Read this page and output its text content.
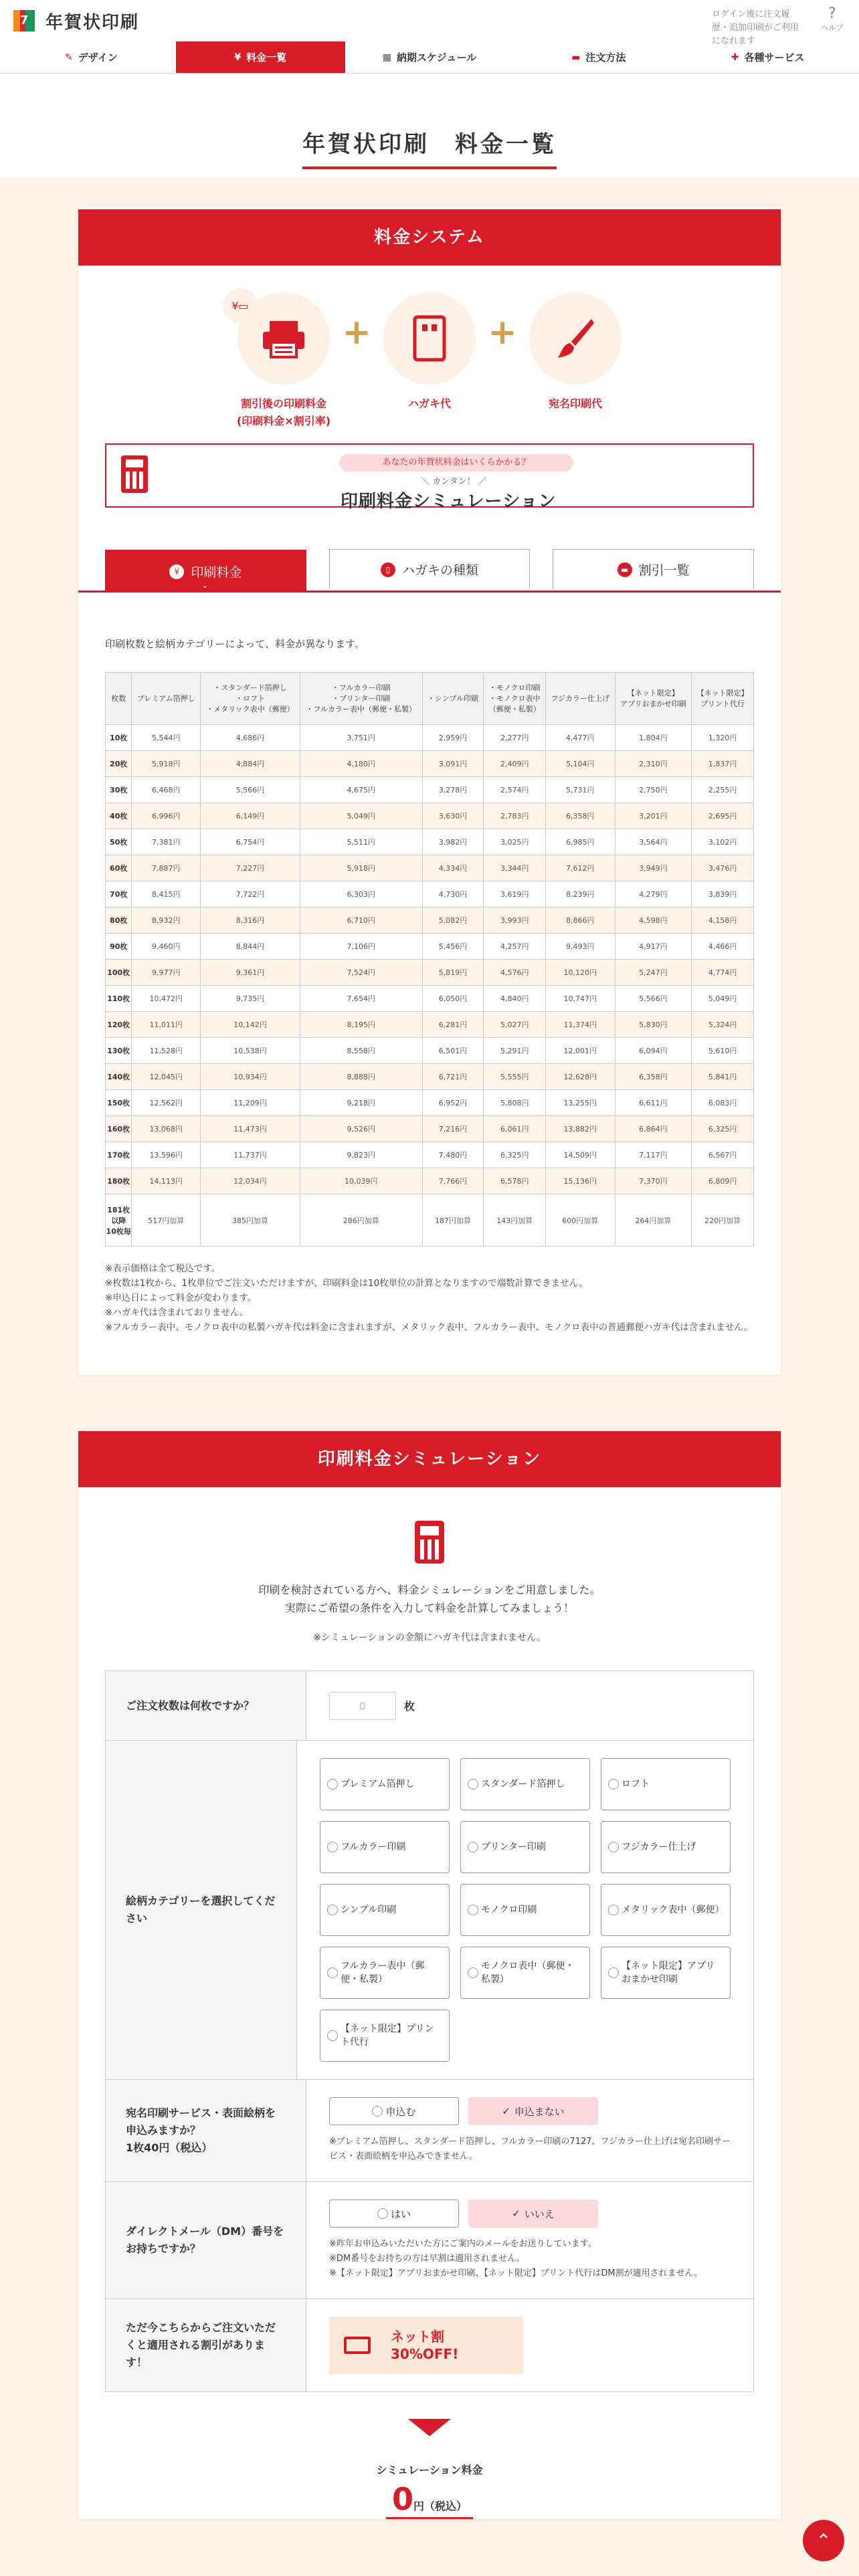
7 年賀状印刷	ログイン後に注文履歴・追加印刷がご利用になれます
?
ヘルプ
✎ デザイン	¥ 料金一覧	▦ 納期スケジュール	▬ 注文方法	✚ 各種サービス
年賀状印刷　料金一覧
料金システム
¥▭
割引後の印刷料金
(印刷料金×割引率)
+
ハガキ代
+
宛名印刷代
あなたの年賀状料金はいくらかかる？
＼ カンタン！ ／
印刷料金シミュレーション
¥ 印刷料金
⌄
▯ ハガキの種類	▬ 割引一覧
印刷枚数と絵柄カテゴリーによって、料金が異なります。
枚数	プレミアム箔押し	・スタンダード箔押し
・ロフト
・メタリック表中（郵便）	・フルカラー印刷
・プリンター印刷
・フルカラー表中（郵便・私製）	・シンプル印刷	・モノクロ印刷
・モノクロ表中
（郵便・私製）	フジカラー仕上げ	【ネット限定】
アプリおまかせ印刷	【ネット限定】
プリント代行
10枚	5,544円	4,686円	3,751円	2,959円	2,277円	4,477円	1,804円	1,320円
20枚	5,918円	4,884円	4,180円	3,091円	2,409円	5,104円	2,310円	1,837円
30枚	6,468円	5,566円	4,675円	3,278円	2,574円	5,731円	2,750円	2,255円
40枚	6,996円	6,149円	5,049円	3,630円	2,783円	6,358円	3,201円	2,695円
50枚	7,381円	6,754円	5,511円	3,982円	3,025円	6,985円	3,564円	3,102円
60枚	7,887円	7,227円	5,918円	4,334円	3,344円	7,612円	3,949円	3,476円
70枚	8,415円	7,722円	6,303円	4,730円	3,619円	8,239円	4,279円	3,839円
80枚	8,932円	8,316円	6,710円	5,082円	3,993円	8,866円	4,598円	4,158円
90枚	9,460円	8,844円	7,106円	5,456円	4,257円	9,493円	4,917円	4,466円
100枚	9,977円	9,361円	7,524円	5,819円	4,576円	10,120円	5,247円	4,774円
110枚	10,472円	9,735円	7,654円	6,050円	4,840円	10,747円	5,566円	5,049円
120枚	11,011円	10,142円	8,195円	6,281円	5,027円	11,374円	5,830円	5,324円
130枚	11,528円	10,538円	8,558円	6,501円	5,291円	12,001円	6,094円	5,610円
140枚	12,045円	10,934円	8,888円	6,721円	5,555円	12,628円	6,358円	5,841円
150枚	12,562円	11,209円	9,218円	6,952円	5,808円	13,255円	6,611円	6,083円
160枚	13,068円	11,473円	9,526円	7,216円	6,061円	13,882円	6,864円	6,325円
170枚	13,596円	11,737円	9,823円	7,480円	6,325円	14,509円	7,117円	6,567円
180枚	14,113円	12,034円	10,039円	7,766円	6,578円	15,136円	7,370円	6,809円
181枚
以降
10枚毎	517円加算	385円加算	286円加算	187円加算	143円加算	600円加算	264円加算	220円加算
※表示価格は全て税込です。
※枚数は1枚から、1枚単位でご注文いただけますが、印刷料金は10枚単位の計算となりますので端数計算できません。
※申込日によって料金が変わります。
※ハガキ代は含まれておりません。
※フルカラー表中、モノクロ表中の私製ハガキ代は料金に含まれますが、メタリック表中、フルカラー表中、モノクロ表中の普通郵便ハガキ代は含まれません。
印刷料金シミュレーション
印刷を検討されている方へ、料金シミュレーションをご用意しました。
実際にご希望の条件を入力して料金を計算してみましょう！
※シミュレーションの金額にハガキ代は含まれません。
ご注文枚数は何枚ですか？	0	枚
絵柄カテゴリーを選択してください
プレミアム箔押し	スタンダード箔押し	ロフト
フルカラー印刷	プリンター印刷	フジカラー仕上げ
シンプル印刷	モノクロ印刷	メタリック表中（郵便）
フルカラー表中（郵便・私製）
モノクロ表中（郵便・私製）
【ネット限定】アプリおまかせ印刷
【ネット限定】プリント代行
宛名印刷サービス・表面絵柄を申込みますか？
1枚40円（税込）
申込む	✓ 申込まない
※プレミアム箔押し、スタンダード箔押し、フルカラー印刷の7127、フジカラー仕上げは宛名印刷サービス・表面絵柄を申込みできません。
ダイレクトメール（DM）番号をお持ちですか？
はい	✓ いいえ
※昨年お申込みいただいた方にご案内のメールをお送りしています。
※DM番号をお持ちの方は早割は適用されません。
※【ネット限定】アプリおまかせ印刷、【ネット限定】プリント代行はDM割が適用されません。
ただ今こちらからご注文いただくと適用される割引があります！
ネット割
30%OFF!
シミュレーション料金
0円（税込）
⌃
